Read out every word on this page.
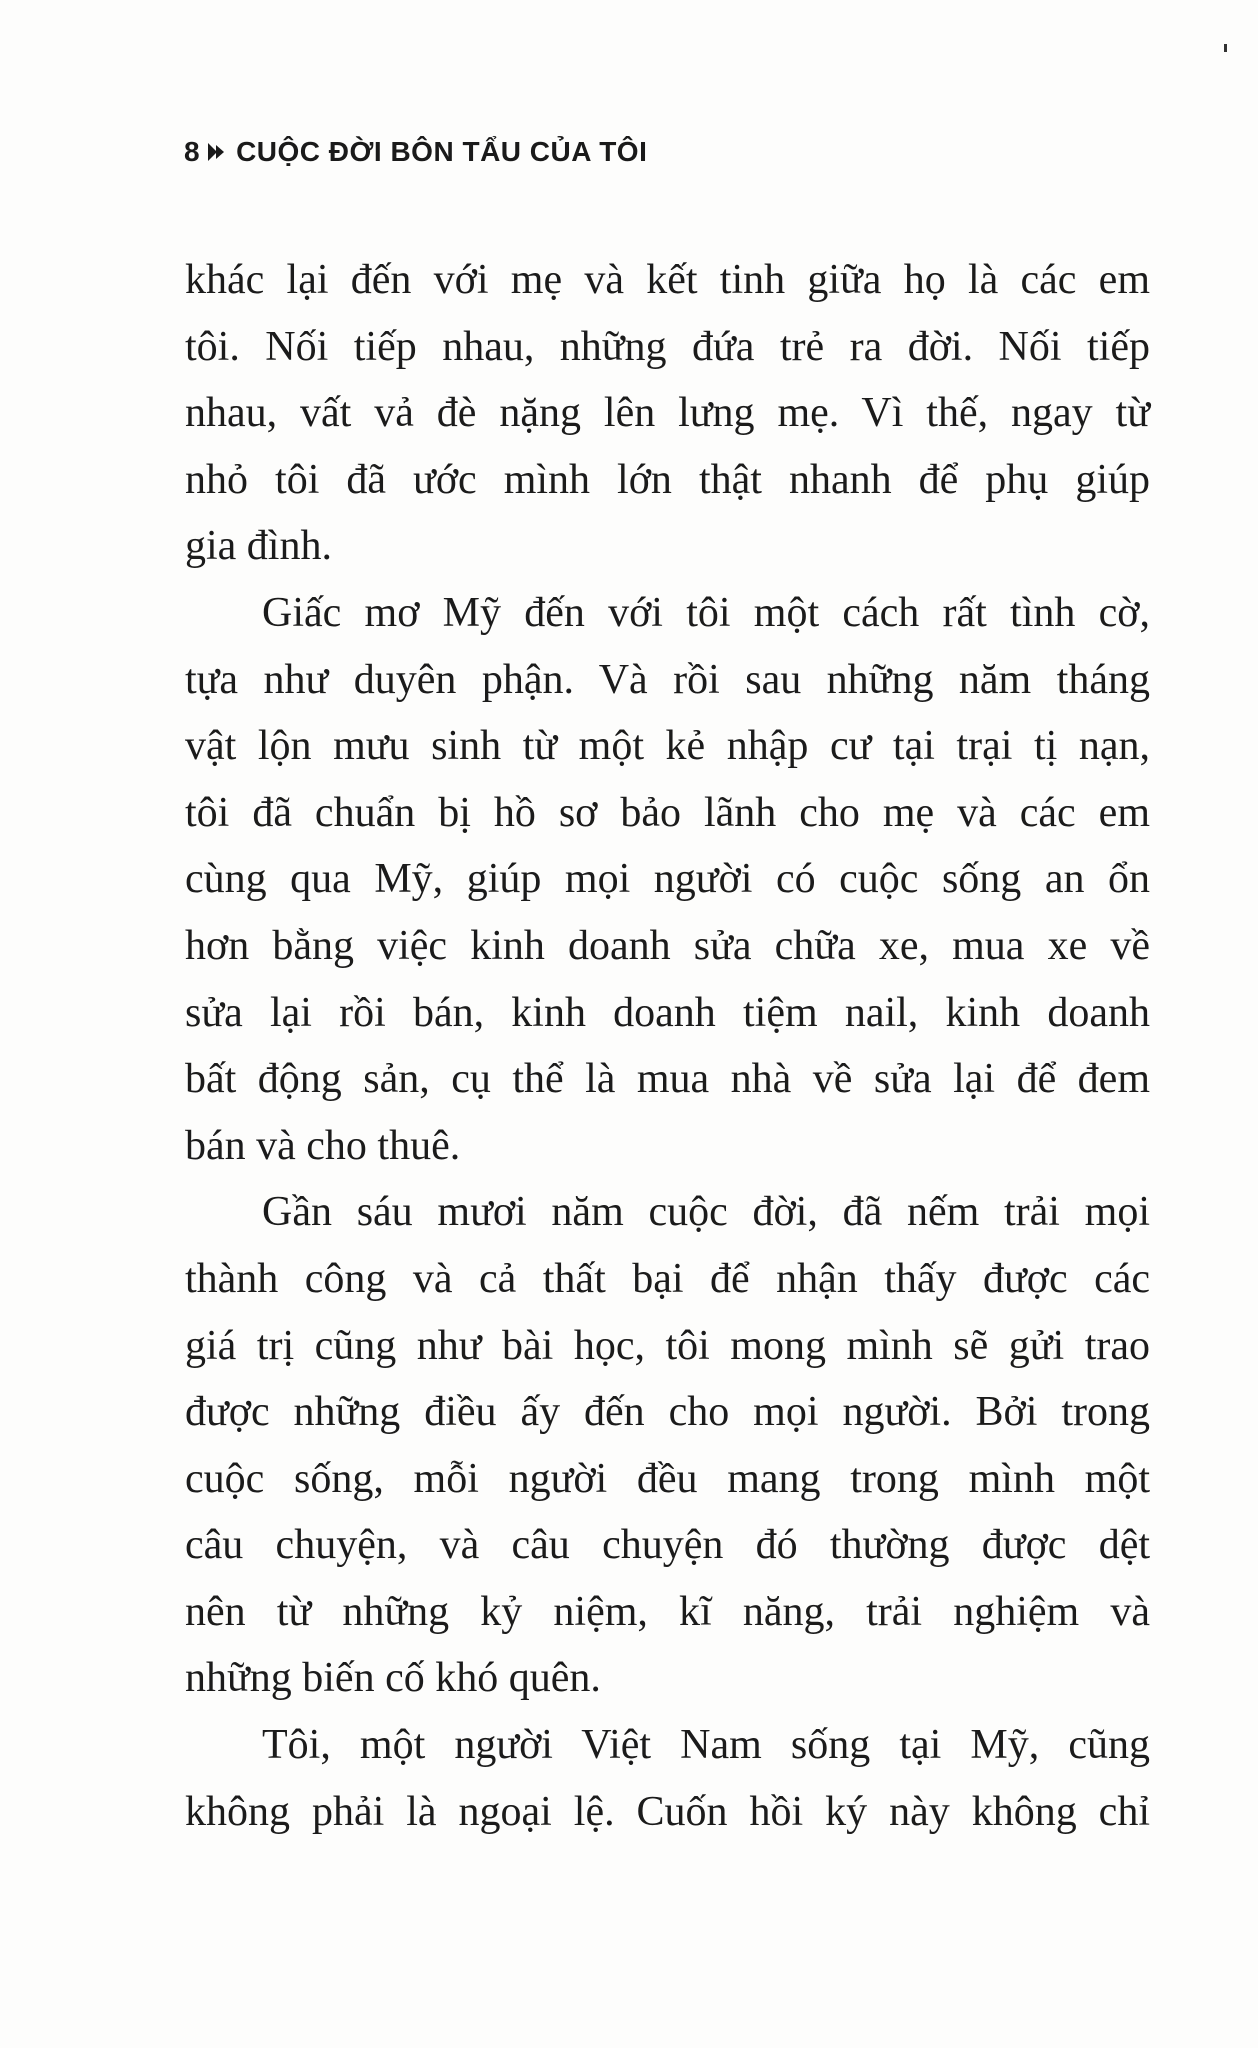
8 CUỘC ĐỜI BÔN TẨU CỦA TÔI
khác lại đến với mẹ và kết tinh giữa họ là các em
tôi. Nối tiếp nhau, những đứa trẻ ra đời. Nối tiếp
nhau, vất vả đè nặng lên lưng mẹ. Vì thế, ngay từ
nhỏ tôi đã ước mình lớn thật nhanh để phụ giúp
gia đình.
Giấc mơ Mỹ đến với tôi một cách rất tình cờ,
tựa như duyên phận. Và rồi sau những năm tháng
vật lộn mưu sinh từ một kẻ nhập cư tại trại tị nạn,
tôi đã chuẩn bị hồ sơ bảo lãnh cho mẹ và các em
cùng qua Mỹ, giúp mọi người có cuộc sống an ổn
hơn bằng việc kinh doanh sửa chữa xe, mua xe về
sửa lại rồi bán, kinh doanh tiệm nail, kinh doanh
bất động sản, cụ thể là mua nhà về sửa lại để đem
bán và cho thuê.
Gần sáu mươi năm cuộc đời, đã nếm trải mọi
thành công và cả thất bại để nhận thấy được các
giá trị cũng như bài học, tôi mong mình sẽ gửi trao
được những điều ấy đến cho mọi người. Bởi trong
cuộc sống, mỗi người đều mang trong mình một
câu chuyện, và câu chuyện đó thường được dệt
nên từ những kỷ niệm, kĩ năng, trải nghiệm và
những biến cố khó quên.
Tôi, một người Việt Nam sống tại Mỹ, cũng
không phải là ngoại lệ. Cuốn hồi ký này không chỉ
